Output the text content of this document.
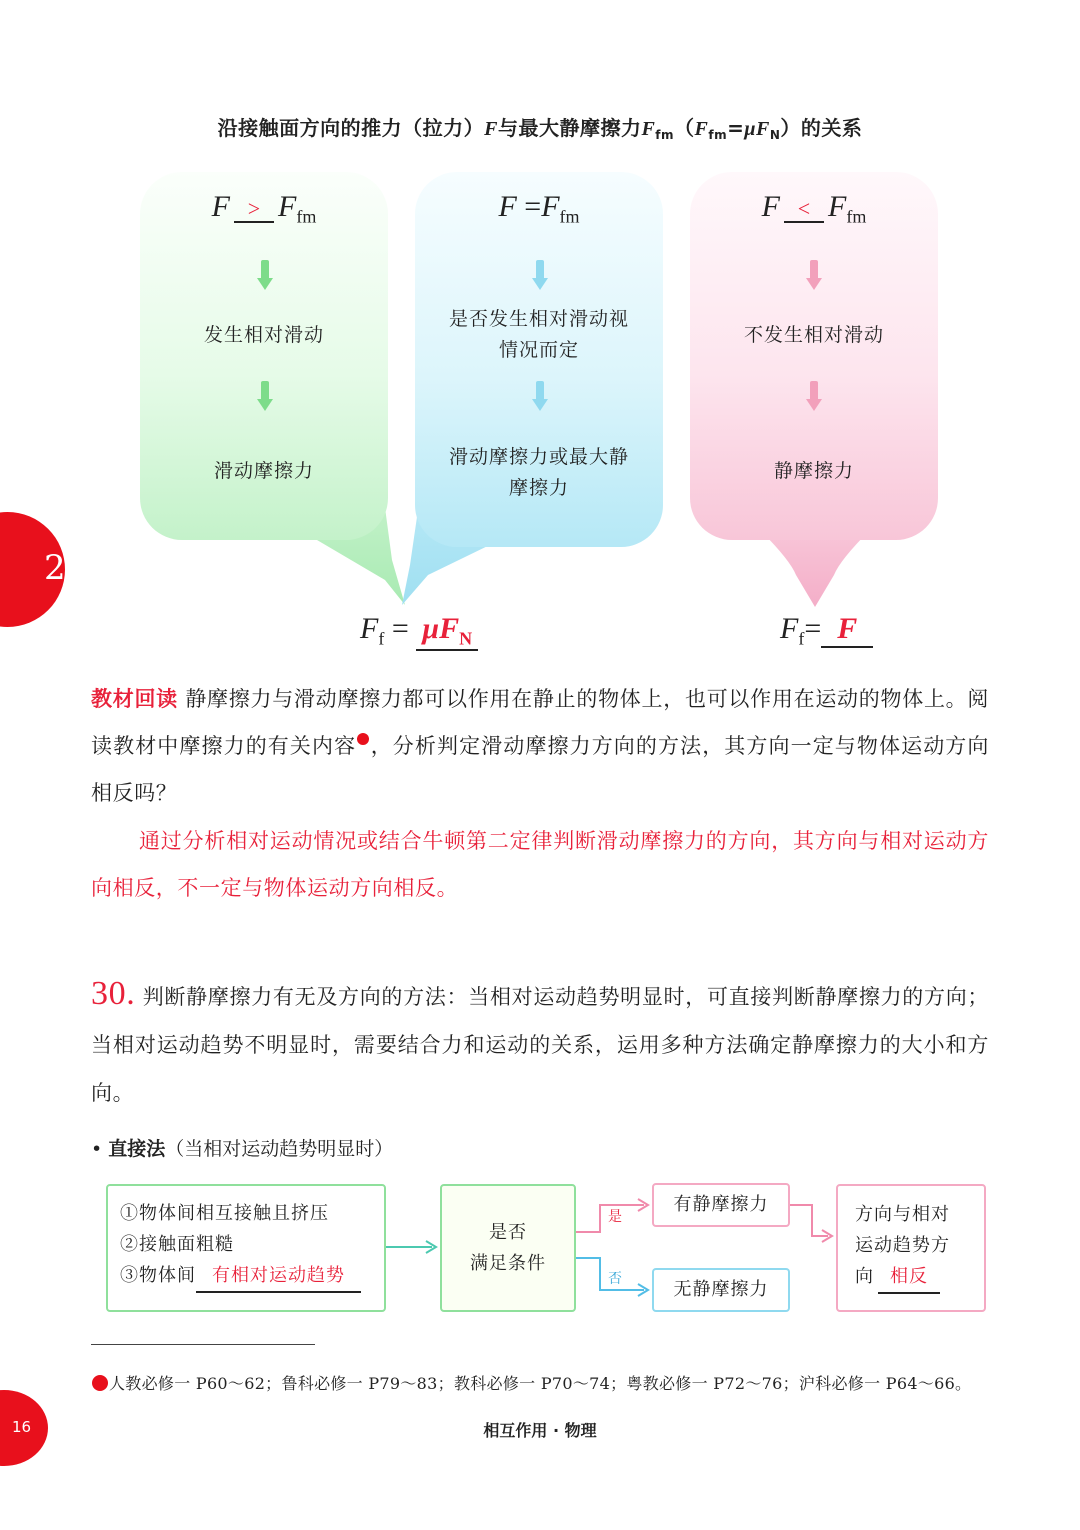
沿接触面方向的推力（拉力）F与最大静摩擦力$F_{fm}(F_{fm}=\mu F_N)$的关系
$F > F_{fm}$
发生相对滑动
滑动摩擦力
$F =F_{fm}$
是否发生相对滑动视情况而定
滑动摩擦力或最大静摩擦力
$F < F_{fm}$
不发生相对滑动
静摩擦力
$F_f = \mu F_N$	$F_f= F$
2
教材回读 静摩擦力与滑动摩擦力都可以作用在静止的物体上，也可以作用在运动的物体上。阅读教材中摩擦力的有关内容 ，分析判定滑动摩擦力方向的方法，其方向一定与物体运动方向相反吗？
通过分析相对运动情况或结合牛顿第二定律判断滑动摩擦力的方向，其方向与相对运动方向相反，不一定与物体运动方向相反。
30. 判断静摩擦力有无及方向的方法：当相对运动趋势明显时，可直接判断静摩擦力的方向；当相对运动趋势不明显时，需要结合力和运动的关系，运用多种方法确定静摩擦力的大小和方向。
• 直接法（当相对运动趋势明显时）
①物体间相互接触且挤压
②接触面粗糙
③物体间 有相对运动趋势
是否
满足条件
有静摩擦力
无静摩擦力
方向与相对
运动趋势方
向 相反
是
否
人教必修一 P60～62；鲁科必修一 P79～83；教科必修一 P70～74；粤教必修一 P72～76；沪科必修一 P64～66。
16	相互作用 · 物理
